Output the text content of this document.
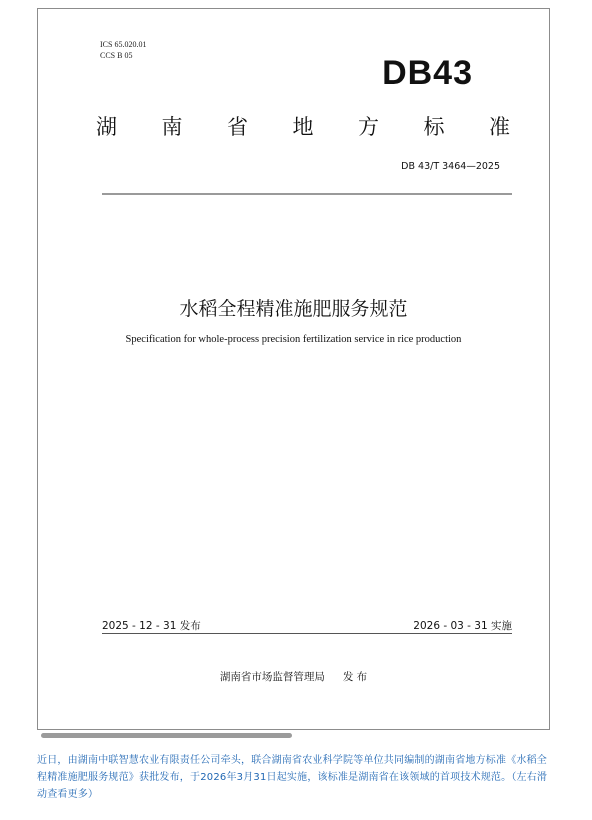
ICS 65.020.01
CCS B 05	DB43
湖 南 省 地 方 标 准
DB 43/T 3464—2025
水稻全程精准施肥服务规范
Specification for whole-process precision fertilization service in rice production
2025 - 12 - 31 发布	2026 - 03 - 31 实施
湖南省市场监督管理局 发 布
近日，由湖南中联智慧农业有限责任公司牵头，联合湖南省农业科学院等单位共同编制的湖南省地方标准《水稻全程精准施肥服务规范》获批发布，于2026年3月31日起实施，该标准是湖南省在该领域的首项技术规范。（左右滑动查看更多）
